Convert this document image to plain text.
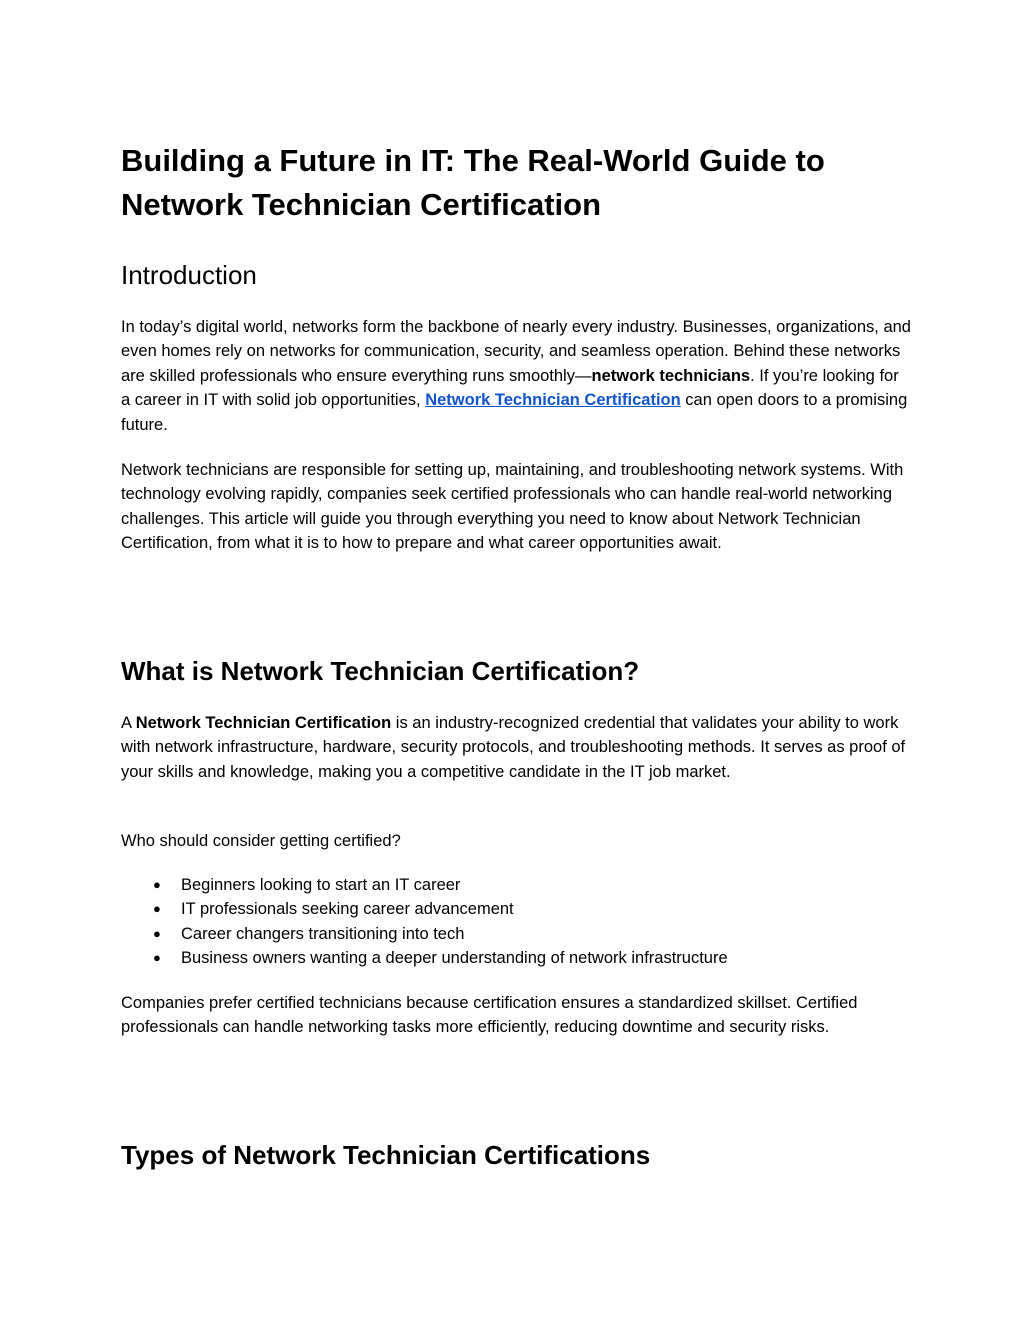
Building a Future in IT: The Real-World Guide to Network Technician Certification
Introduction

In today’s digital world, networks form the backbone of nearly every industry. Businesses, organizations, and even homes rely on networks for communication, security, and seamless operation. Behind these networks are skilled professionals who ensure everything runs smoothly—network technicians. If you’re looking for a career in IT with solid job opportunities, Network Technician Certification can open doors to a promising future.

Network technicians are responsible for setting up, maintaining, and troubleshooting network systems. With technology evolving rapidly, companies seek certified professionals who can handle real-world networking challenges. This article will guide you through everything you need to know about Network Technician Certification, from what it is to how to prepare and what career opportunities await.

What is Network Technician Certification?

A Network Technician Certification is an industry-recognized credential that validates your ability to work with network infrastructure, hardware, security protocols, and troubleshooting methods. It serves as proof of your skills and knowledge, making you a competitive candidate in the IT job market.

Who should consider getting certified?

● Beginners looking to start an IT career
● IT professionals seeking career advancement
● Career changers transitioning into tech
● Business owners wanting a deeper understanding of network infrastructure

Companies prefer certified technicians because certification ensures a standardized skillset. Certified professionals can handle networking tasks more efficiently, reducing downtime and security risks.

Types of Network Technician Certifications
